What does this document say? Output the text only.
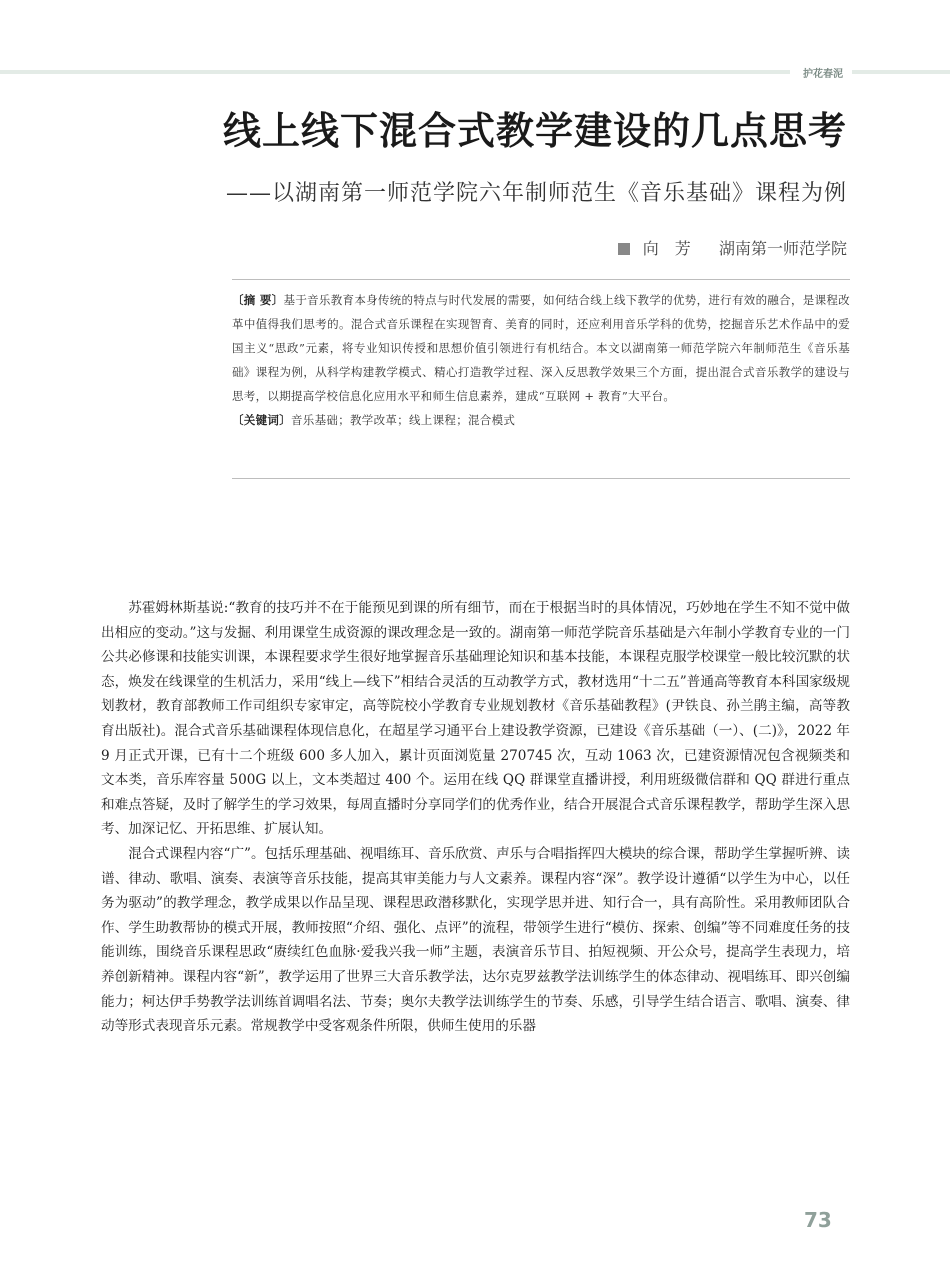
护花春泥
线上线下混合式教学建设的几点思考
——以湖南第一师范学院六年制师范生《音乐基础》课程为例
向　芳 湖南第一师范学院
〔摘 要〕基于音乐教育本身传统的特点与时代发展的需要，如何结合线上线下教学的优势，进行有效的融合，是课程改革中值得我们思考的。混合式音乐课程在实现智育、美育的同时，还应利用音乐学科的优势，挖掘音乐艺术作品中的爱国主义“思政”元素，将专业知识传授和思想价值引领进行有机结合。本文以湖南第一师范学院六年制师范生《音乐基础》课程为例，从科学构建教学模式、精心打造教学过程、深入反思教学效果三个方面，提出混合式音乐教学的建设与思考，以期提高学校信息化应用水平和师生信息素养，建成“互联网 + 教育”大平台。
〔关键词〕音乐基础；教学改革；线上课程；混合模式

苏霍姆林斯基说:“教育的技巧并不在于能预见到课的所有细节，而在于根据当时的具体情况，巧妙地在学生不知不觉中做出相应的变动。”这与发掘、利用课堂生成资源的课改理念是一致的。湖南第一师范学院音乐基础是六年制小学教育专业的一门公共必修课和技能实训课，本课程要求学生很好地掌握音乐基础理论知识和基本技能，本课程克服学校课堂一般比较沉默的状态，焕发在线课堂的生机活力，采用“线上—线下”相结合灵活的互动教学方式，教材选用“十二五”普通高等教育本科国家级规划教材，教育部教师工作司组织专家审定，高等院校小学教育专业规划教材《音乐基础教程》(尹铁良、孙兰鹃主编，高等教育出版社)。混合式音乐基础课程体现信息化，在超星学习通平台上建设教学资源，已建设《音乐基础（一）、(二)》，2022 年 9 月正式开课，已有十二个班级 600 多人加入，累计页面浏览量 270745 次，互动 1063 次，已建资源情况包含视频类和文本类，音乐库容量 500G 以上，文本类超过 400 个。运用在线 QQ 群课堂直播讲授，利用班级微信群和 QQ 群进行重点和难点答疑，及时了解学生的学习效果，每周直播时分享同学们的优秀作业，结合开展混合式音乐课程教学，帮助学生深入思考、加深记忆、开拓思维、扩展认知。

混合式课程内容“广”。包括乐理基础、视唱练耳、音乐欣赏、声乐与合唱指挥四大模块的综合课，帮助学生掌握听辨、读谱、律动、歌唱、演奏、表演等音乐技能，提高其审美能力与人文素养。课程内容“深”。教学设计遵循“以学生为中心，以任务为驱动”的教学理念，教学成果以作品呈现、课程思政潜移默化，实现学思并进、知行合一，具有高阶性。采用教师团队合作、学生助教帮协的模式开展，教师按照“介绍、强化、点评”的流程，带领学生进行“模仿、探索、创编”等不同难度任务的技能训练，围绕音乐课程思政“赓续红色血脉·爱我兴我一师”主题，表演音乐节目、拍短视频、开公众号，提高学生表现力，培养创新精神。课程内容“新”，教学运用了世界三大音乐教学法，达尔克罗兹教学法训练学生的体态律动、视唱练耳、即兴创编能力；柯达伊手势教学法训练首调唱名法、节奏；奥尔夫教学法训练学生的节奏、乐感，引导学生结合语言、歌唱、演奏、律动等形式表现音乐元素。常规教学中受客观条件所限，供师生使用的乐器

73
